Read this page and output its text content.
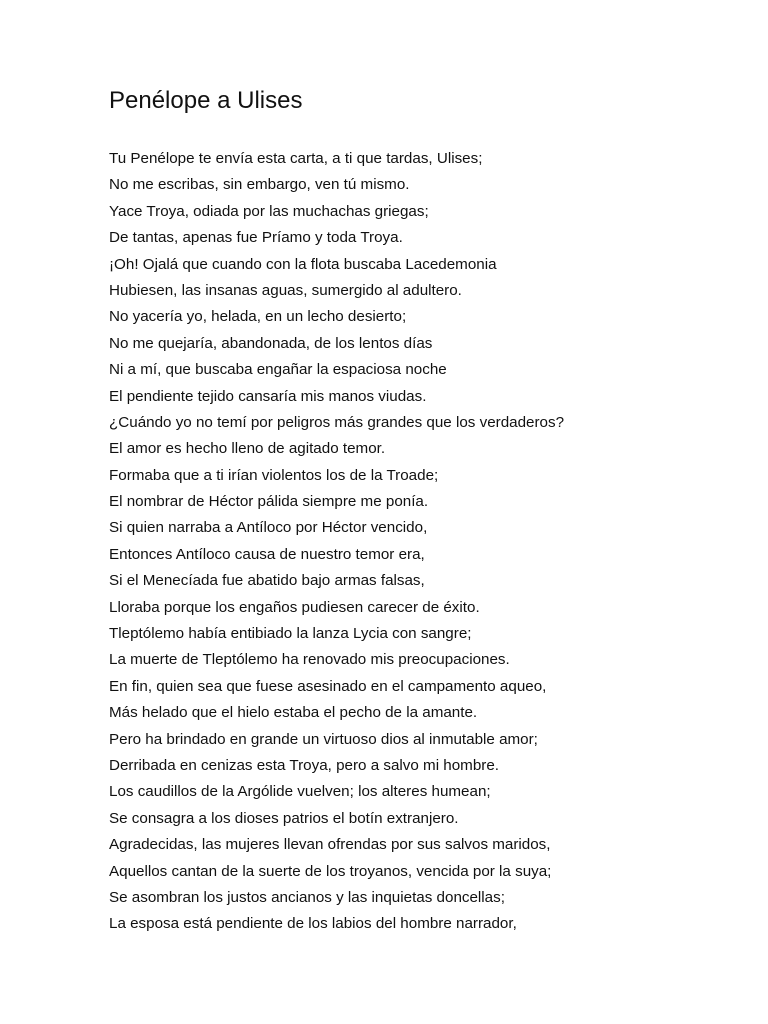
Penélope a Ulises
Tu Penélope te envía esta carta, a ti que tardas, Ulises;
No me escribas, sin embargo, ven tú mismo.
Yace Troya, odiada por las muchachas griegas;
De tantas, apenas fue Príamo y toda Troya.
¡Oh! Ojalá que cuando con la flota buscaba Lacedemonia
Hubiesen, las insanas aguas, sumergido al adultero.
No yacería yo, helada, en un lecho desierto;
No me quejaría, abandonada, de los lentos días
Ni a mí, que buscaba engañar la espaciosa noche
El pendiente tejido cansaría mis manos viudas.
¿Cuándo yo no temí por peligros más grandes que los verdaderos?
El amor es hecho lleno de agitado temor.
Formaba que a ti irían violentos los de la Troade;
El nombrar de Héctor pálida siempre me ponía.
Si quien narraba a Antíloco por Héctor vencido,
Entonces Antíloco causa de nuestro temor era,
Si el Menecíada fue abatido bajo armas falsas,
Lloraba porque los engaños pudiesen carecer de éxito.
Tleptólemo había entibiado la lanza Lycia con sangre;
La muerte de Tleptólemo ha renovado mis preocupaciones.
En fin, quien sea que fuese asesinado en el campamento aqueo,
Más helado que el hielo estaba el pecho de la amante.
Pero ha brindado en grande un virtuoso dios al inmutable amor;
Derribada en cenizas esta Troya, pero a salvo mi hombre.
Los caudillos de la Argólide vuelven; los alteres humean;
Se consagra a los dioses patrios el botín extranjero.
Agradecidas, las mujeres llevan ofrendas por sus salvos maridos,
Aquellos cantan de la suerte de los troyanos, vencida por la suya;
Se asombran los justos ancianos y las inquietas doncellas;
La esposa está pendiente de los labios del hombre narrador,
